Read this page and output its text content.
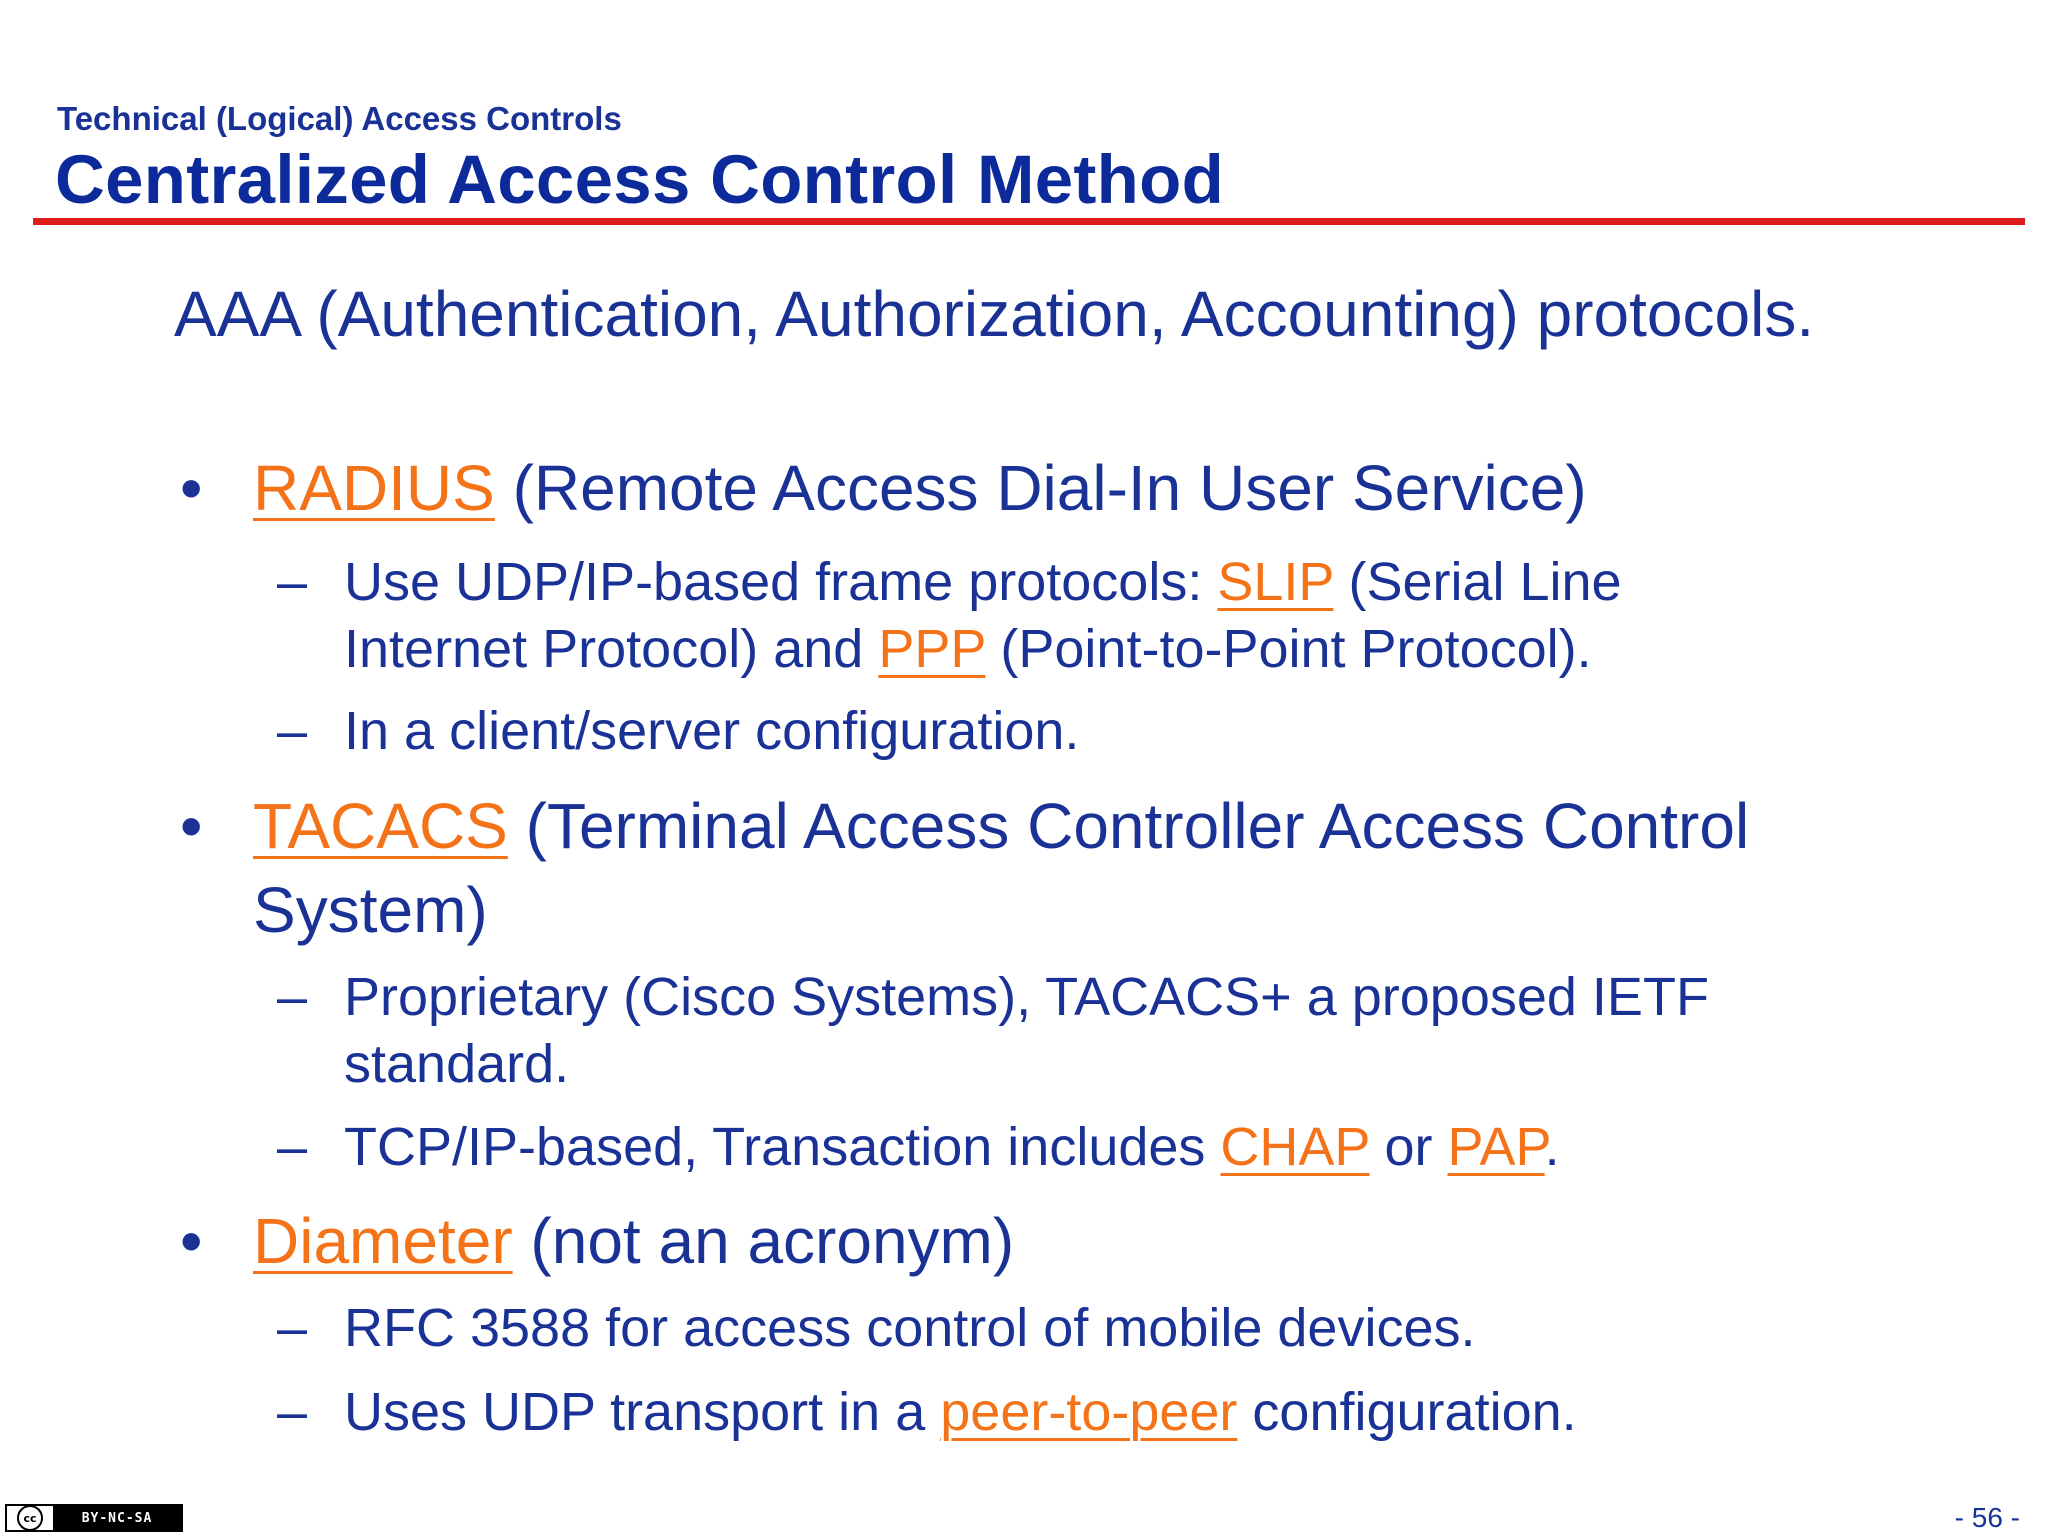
Technical (Logical) Access Controls
Centralized Access Control Method
AAA (Authentication, Authorization, Accounting) protocols.
• RADIUS (Remote Access Dial-In User Service)
– Use UDP/IP-based frame protocols: SLIP (Serial Line Internet Protocol) and PPP (Point-to-Point Protocol).
– In a client/server configuration.
• TACACS (Terminal Access Controller Access Control System)
– Proprietary (Cisco Systems), TACACS+ a proposed IETF standard.
– TCP/IP-based, Transaction includes CHAP or PAP.
• Diameter (not an acronym)
– RFC 3588 for access control of mobile devices.
– Uses UDP transport in a peer-to-peer configuration.
cc	BY-NC-SA	- 56 -
